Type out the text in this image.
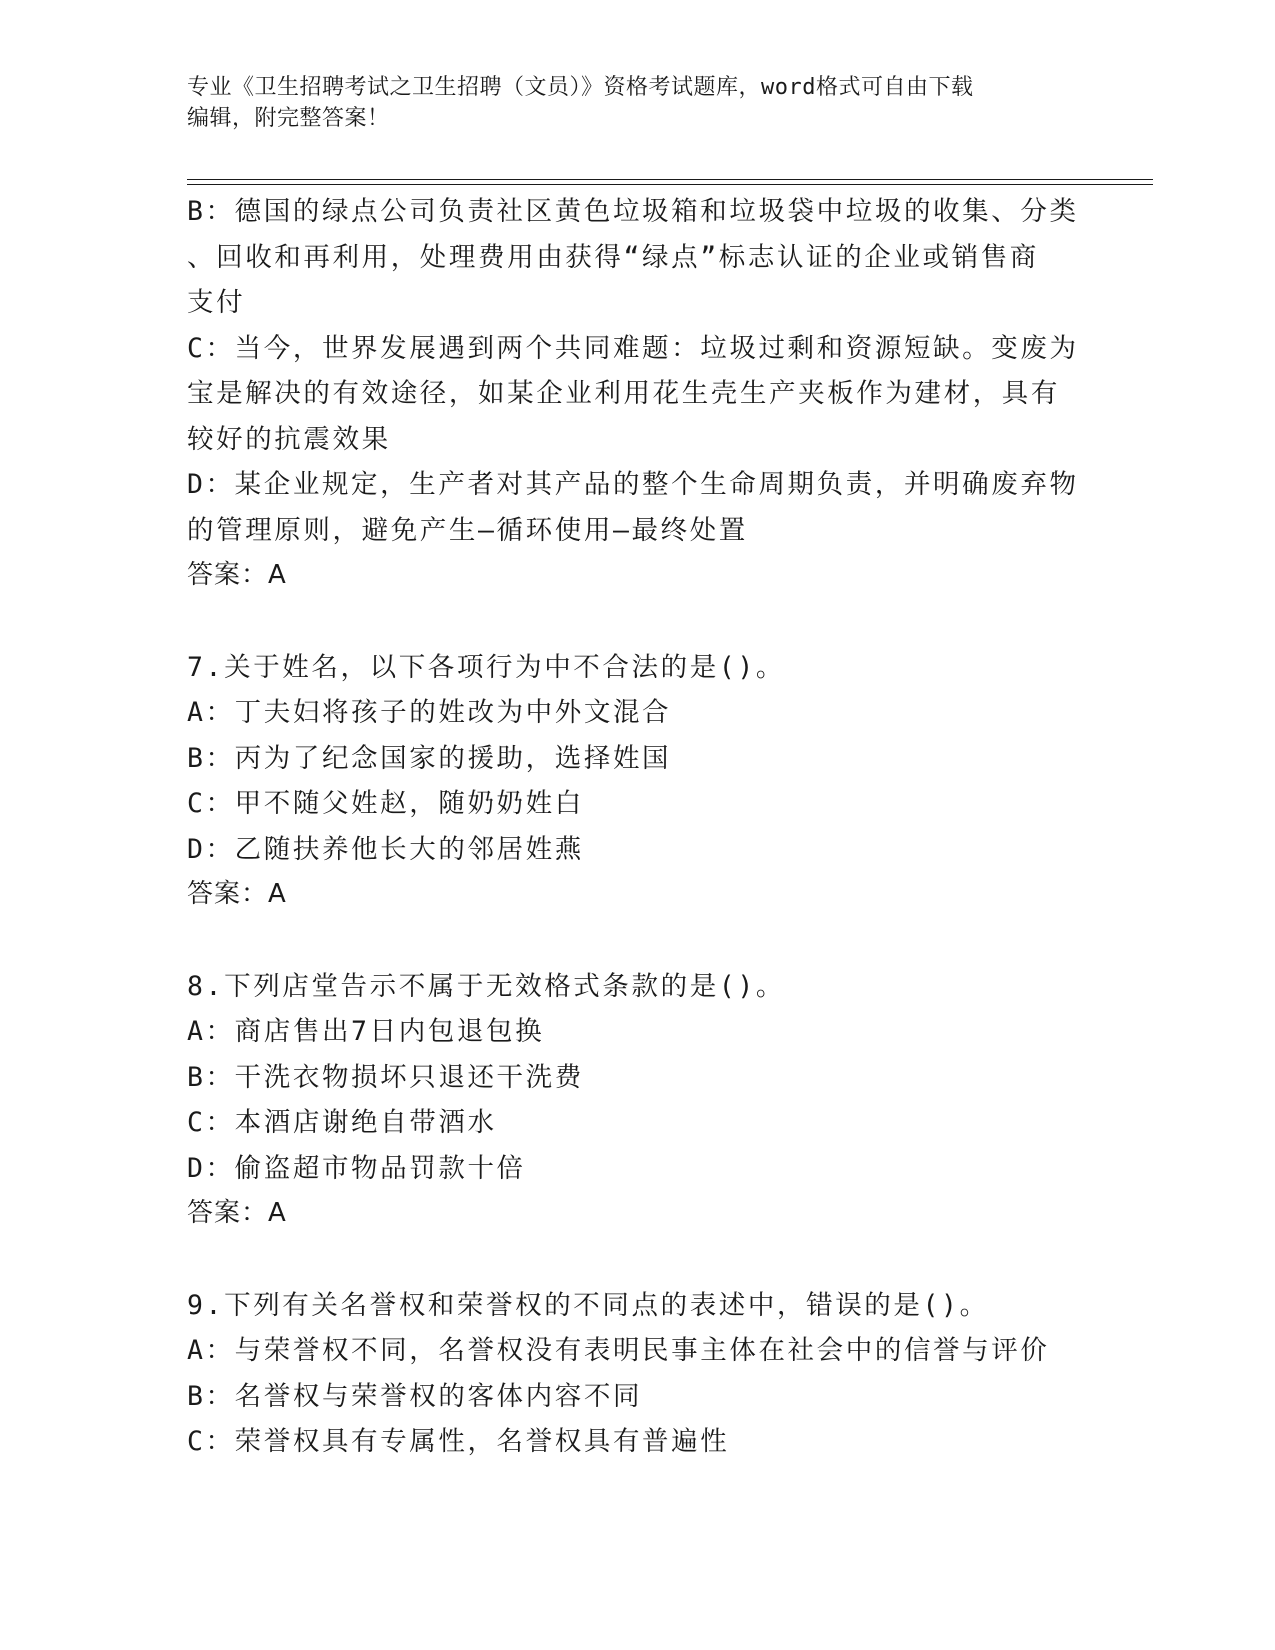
专业《卫生招聘考试之卫生招聘（文员）》资格考试题库，word格式可自由下载
编辑，附完整答案！
B：德国的绿点公司负责社区黄色垃圾箱和垃圾袋中垃圾的收集、分类
、回收和再利用，处理费用由获得“绿点”标志认证的企业或销售商
支付
C：当今，世界发展遇到两个共同难题：垃圾过剩和资源短缺。变废为
宝是解决的有效途径，如某企业利用花生壳生产夹板作为建材，具有
较好的抗震效果
D：某企业规定，生产者对其产品的整个生命周期负责，并明确废弃物
的管理原则，避免产生—循环使用—最终处置
答案：A
7.关于姓名，以下各项行为中不合法的是()。
A：丁夫妇将孩子的姓改为中外文混合
B：丙为了纪念国家的援助，选择姓国
C：甲不随父姓赵，随奶奶姓白
D：乙随扶养他长大的邻居姓燕
答案：A
8.下列店堂告示不属于无效格式条款的是()。
A：商店售出7日内包退包换
B：干洗衣物损坏只退还干洗费
C：本酒店谢绝自带酒水
D：偷盗超市物品罚款十倍
答案：A
9.下列有关名誉权和荣誉权的不同点的表述中，错误的是()。
A：与荣誉权不同，名誉权没有表明民事主体在社会中的信誉与评价
B：名誉权与荣誉权的客体内容不同
C：荣誉权具有专属性，名誉权具有普遍性
